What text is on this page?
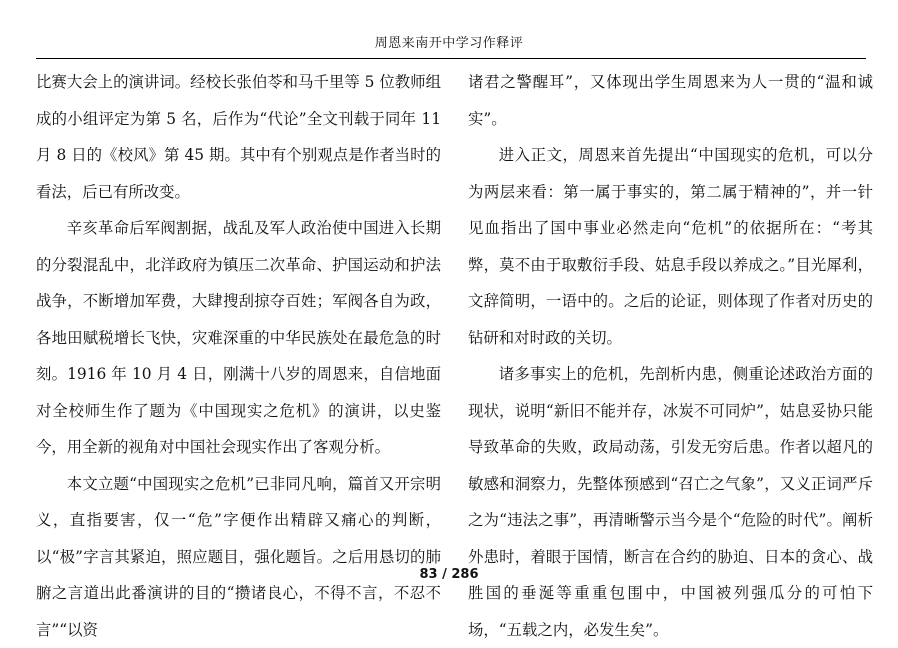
周恩来南开中学习作释评

比赛大会上的演讲词。经校长张伯苓和马千里等 5 位教师组成的小组评定为第 5 名，后作为“代论”全文刊载于同年 11 月 8 日的《校风》第 45 期。其中有个别观点是作者当时的看法，后已有所改变。

辛亥革命后军阀割据，战乱及军人政治使中国进入长期的分裂混乱中，北洋政府为镇压二次革命、护国运动和护法战争，不断增加军费，大肆搜刮掠夺百姓；军阀各自为政，各地田赋税增长飞快，灾难深重的中华民族处在最危急的时刻。1916 年 10 月 4 日，刚满十八岁的周恩来，自信地面对全校师生作了题为《中国现实之危机》的演讲，以史鉴今，用全新的视角对中国社会现实作出了客观分析。

本文立题“中国现实之危机”已非同凡响，篇首又开宗明义，直指要害，仅一“危”字便作出精辟又痛心的判断，以“极”字言其紧迫，照应题目，强化题旨。之后用恳切的肺腑之言道出此番演讲的目的“攒诸良心，不得不言，不忍不言”“以资

诸君之警醒耳”，又体现出学生周恩来为人一贯的“温和诚实”。

进入正文，周恩来首先提出“中国现实的危机，可以分为两层来看：第一属于事实的，第二属于精神的”，并一针见血指出了国中事业必然走向“危机”的依据所在：“考其弊，莫不由于取敷衍手段、姑息手段以养成之。”目光犀利，文辞简明，一语中的。之后的论证，则体现了作者对历史的钻研和对时政的关切。

诸多事实上的危机，先剖析内患，侧重论述政治方面的现状，说明“新旧不能并存，冰炭不可同炉”，姑息妥协只能导致革命的失败，政局动荡，引发无穷后患。作者以超凡的敏感和洞察力，先整体预感到“召亡之气象”，又义正词严斥之为“违法之事”，再清晰警示当今是个“危险的时代”。阐析外患时，着眼于国情，断言在合约的胁迫、日本的贪心、战胜国的垂涎等重重包围中，中国被列强瓜分的可怕下场，“五载之内，必发生矣”。

83 / 286
